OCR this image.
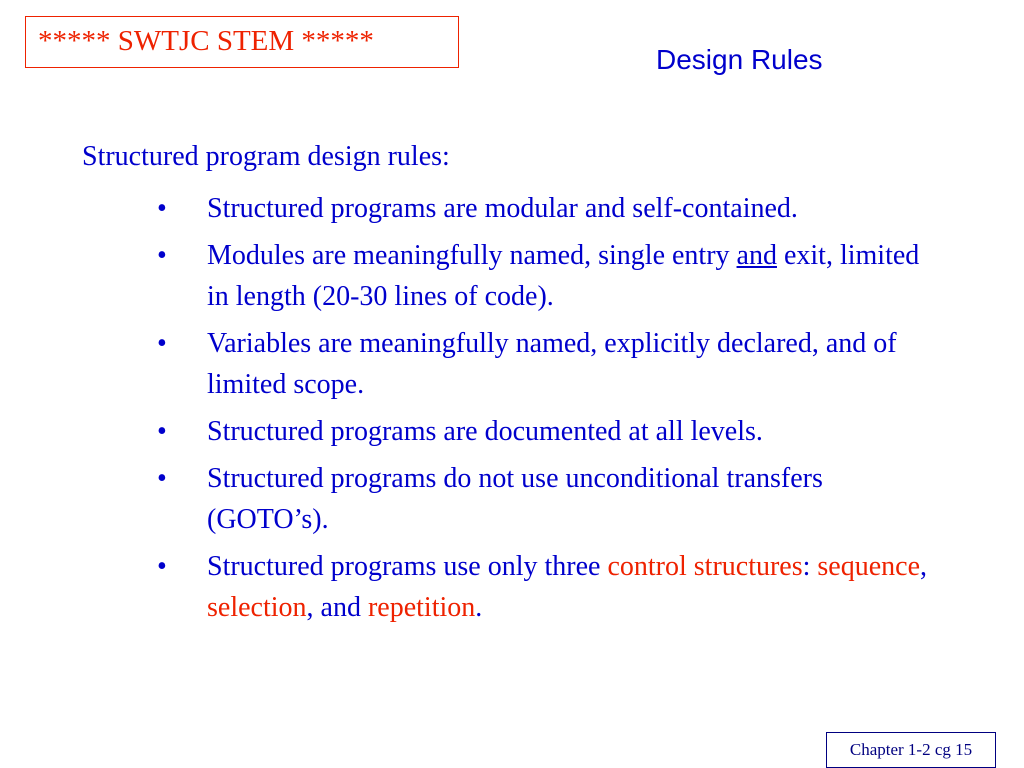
***** SWTJC STEM *****
Design Rules
Structured program design rules:
• Structured programs are modular and self-contained.
• Modules are meaningfully named, single entry and exit, limited in length (20-30 lines of code).
• Variables are meaningfully named, explicitly declared, and of limited scope.
• Structured programs are documented at all levels.
• Structured programs do not use unconditional transfers (GOTO’s).
• Structured programs use only three control structures: sequence, selection, and repetition.
Chapter 1-2 cg 15
